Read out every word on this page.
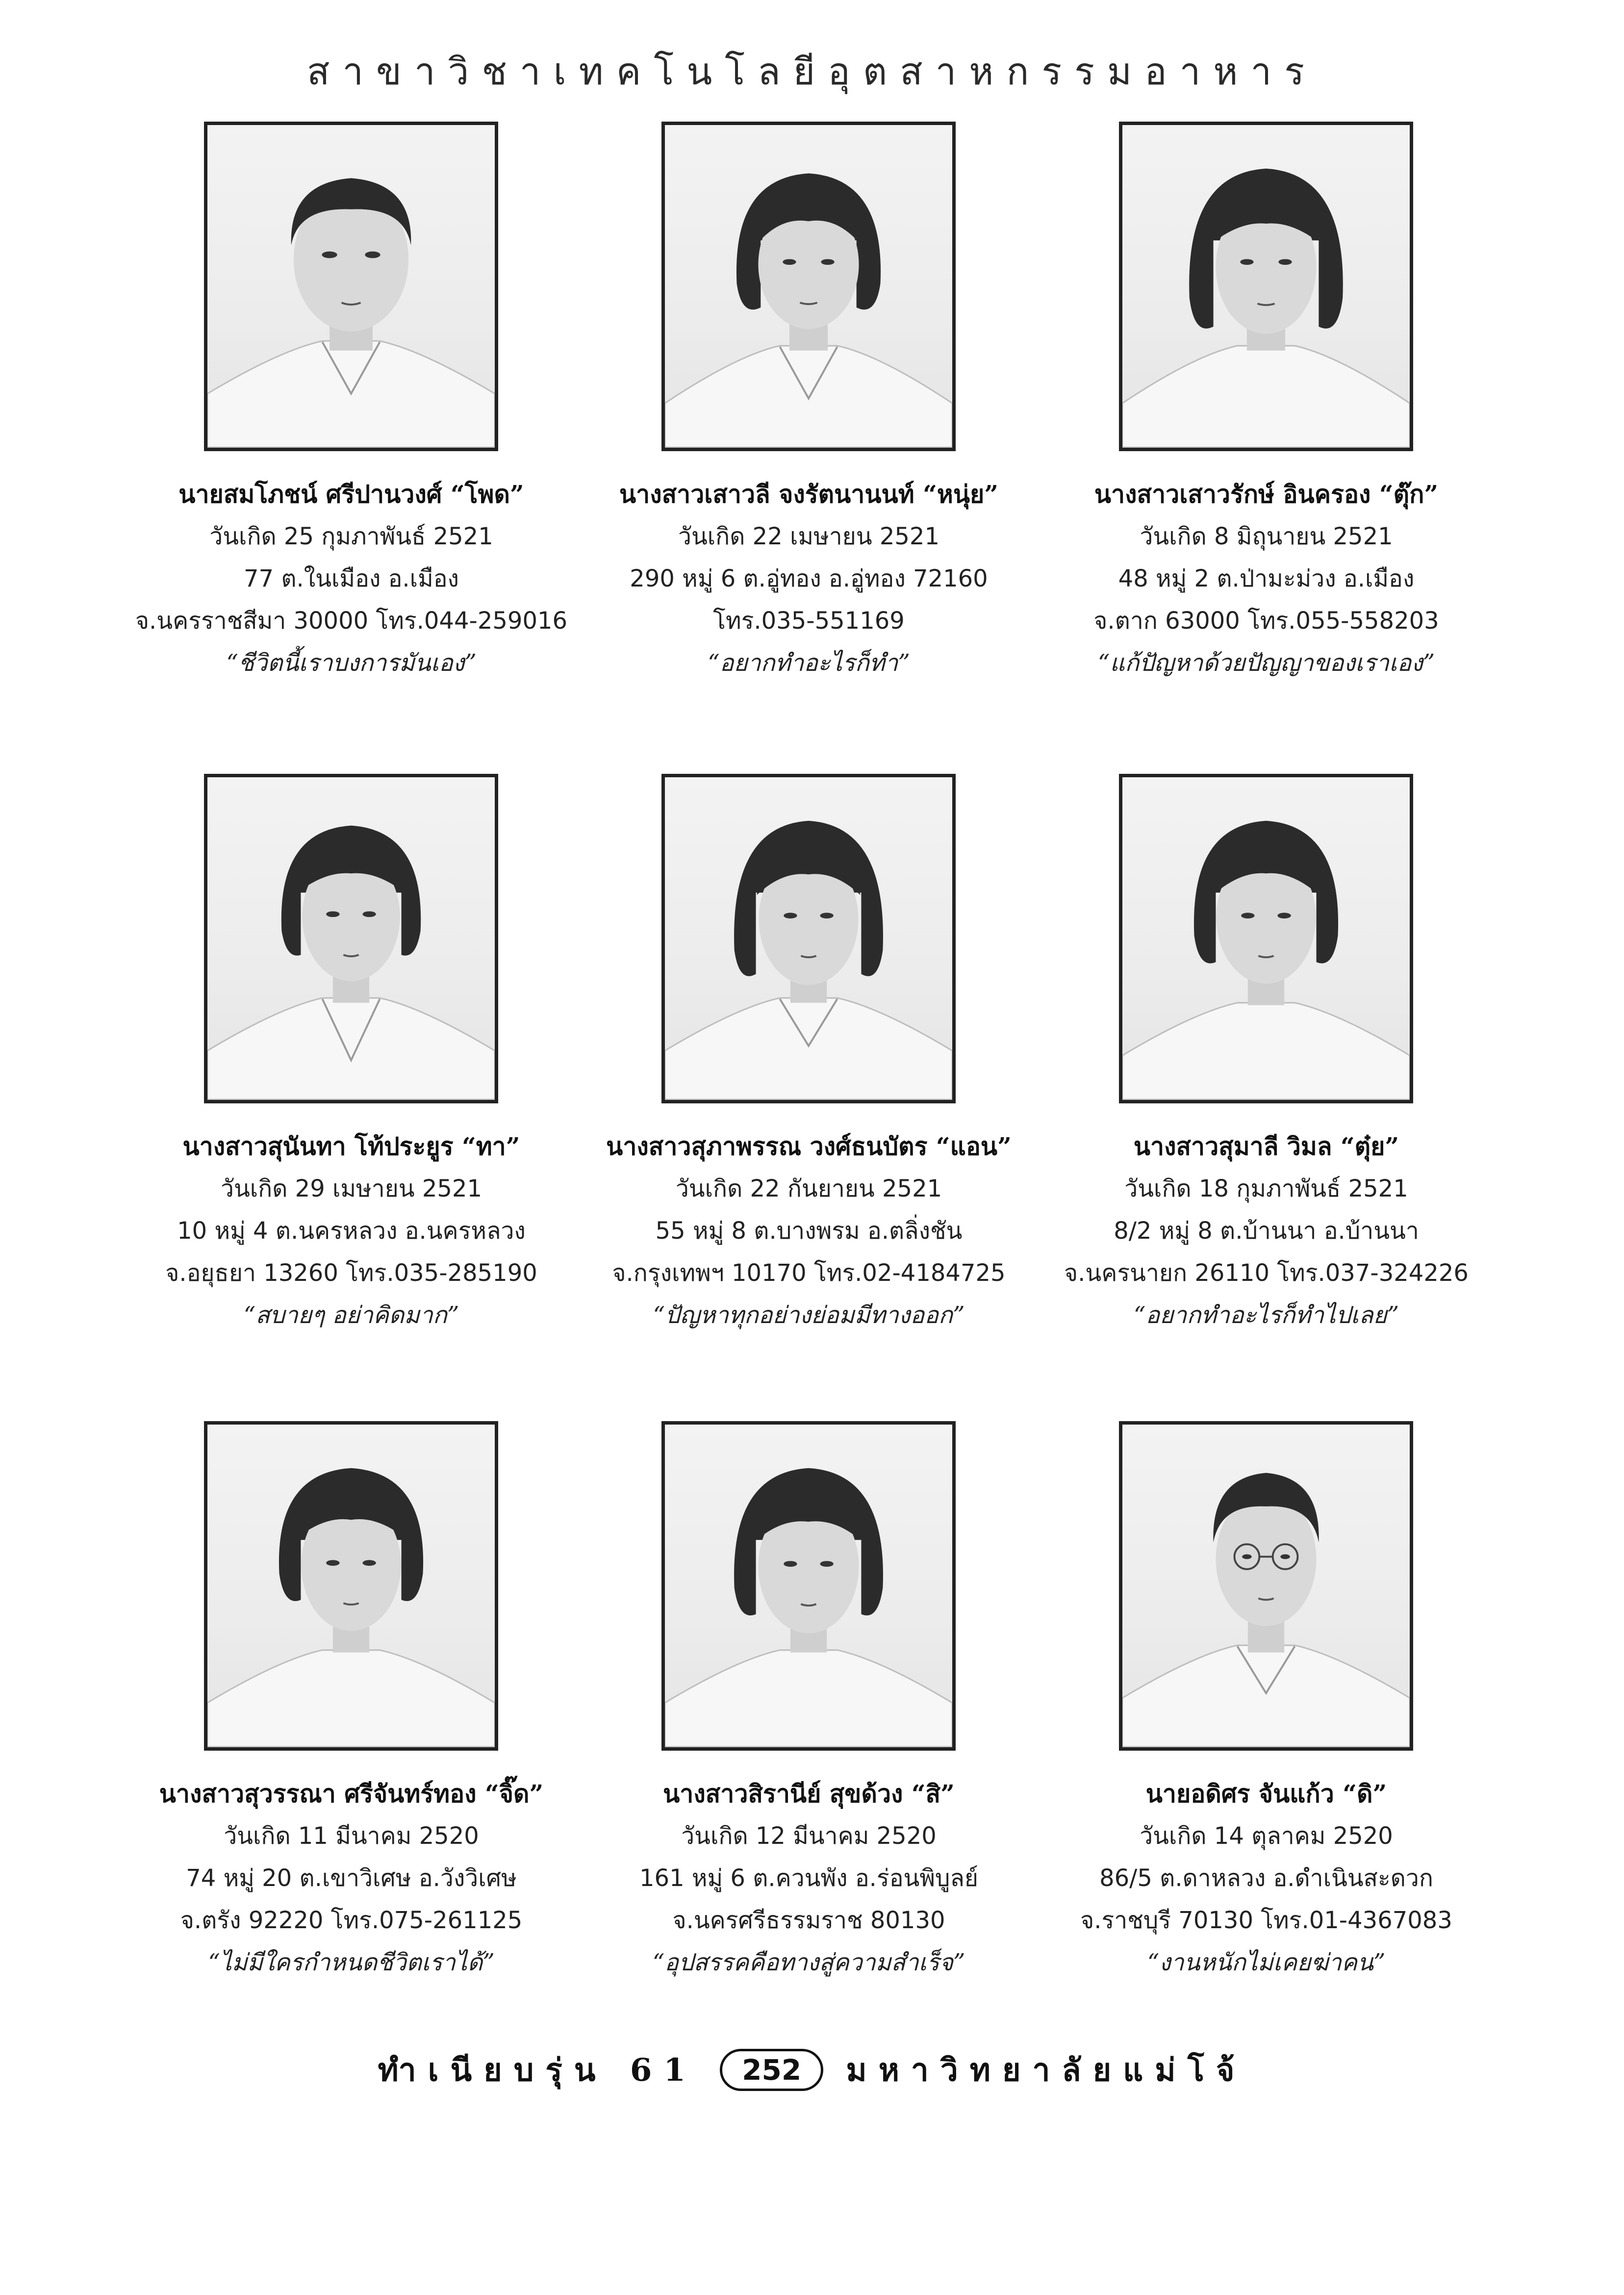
สาขาวิชาเทคโนโลยีอุตสาหกรรมอาหาร
นายสมโภชน์ ศรีปานวงศ์ “โพด”
วันเกิด 25 กุมภาพันธ์ 2521
77 ต.ในเมือง อ.เมือง
จ.นครราชสีมา 30000 โทร.044-259016
“ชีวิตนี้เราบงการมันเอง”
นางสาวเสาวลี จงรัตนานนท์ “หนุ่ย”
วันเกิด 22 เมษายน 2521
290 หมู่ 6 ต.อู่ทอง อ.อู่ทอง 72160
โทร.035-551169
“อยากทำอะไรก็ทำ”
นางสาวเสาวรักษ์ อินครอง “ตุ๊ก”
วันเกิด 8 มิถุนายน 2521
48 หมู่ 2 ต.ป่ามะม่วง อ.เมือง
จ.ตาก 63000 โทร.055-558203
“แก้ปัญหาด้วยปัญญาของเราเอง”
นางสาวสุนันทา โท้ประยูร “ทา”
วันเกิด 29 เมษายน 2521
10 หมู่ 4 ต.นครหลวง อ.นครหลวง
จ.อยุธยา 13260 โทร.035-285190
“สบายๆ อย่าคิดมาก”
นางสาวสุภาพรรณ วงศ์ธนบัตร “แอน”
วันเกิด 22 กันยายน 2521
55 หมู่ 8 ต.บางพรม อ.ตลิ่งชัน
จ.กรุงเทพฯ 10170 โทร.02-4184725
“ปัญหาทุกอย่างย่อมมีทางออก”
นางสาวสุมาลี วิมล “ตุ๋ย”
วันเกิด 18 กุมภาพันธ์ 2521
8/2 หมู่ 8 ต.บ้านนา อ.บ้านนา
จ.นครนายก 26110 โทร.037-324226
“อยากทำอะไรก็ทำไปเลย”
นางสาวสุวรรณา ศรีจันทร์ทอง “จิ๊ด”
วันเกิด 11 มีนาคม 2520
74 หมู่ 20 ต.เขาวิเศษ อ.วังวิเศษ
จ.ตรัง 92220 โทร.075-261125
“ไม่มีใครกำหนดชีวิตเราได้”
นางสาวสิรานีย์ สุขด้วง “สิ”
วันเกิด 12 มีนาคม 2520
161 หมู่ 6 ต.ควนพัง อ.ร่อนพิบูลย์
จ.นครศรีธรรมราช 80130
“อุปสรรคคือทางสู่ความสำเร็จ”
นายอดิศร จันแก้ว “ดิ”
วันเกิด 14 ตุลาคม 2520
86/5 ต.ดาหลวง อ.ดำเนินสะดวก
จ.ราชบุรี 70130 โทร.01-4367083
“งานหนักไม่เคยฆ่าคน”
ทำเนียบรุ่น 61 252 มหาวิทยาลัยแม่โจ้
